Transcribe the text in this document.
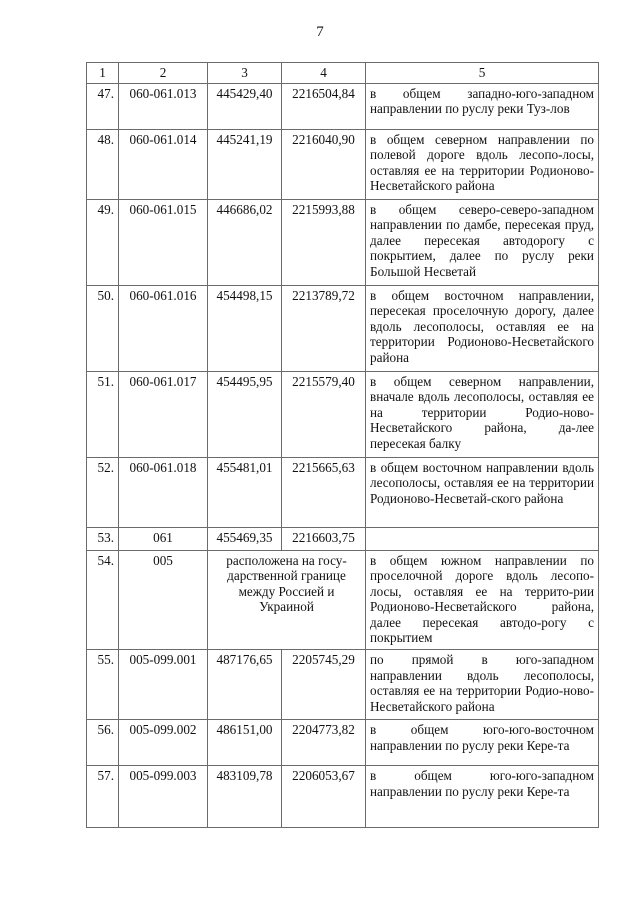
7
1	2	3	4	5
47.	060-061.013	445429,40	2216504,84	в общем западно-юго-западном направлении по руслу реки Туз-лов
48.	060-061.014	445241,19	2216040,90	в общем северном направлении по полевой дороге вдоль лесопо-лосы, оставляя ее на территории Родионово-Несветайского района
49.	060-061.015	446686,02	2215993,88	в общем северо-северо-западном направлении по дамбе, пересекая пруд, далее пересекая автодорогу с покрытием, далее по руслу реки Большой Несветай
50.	060-061.016	454498,15	2213789,72	в общем восточном направлении, пересекая проселочную дорогу, далее вдоль лесополосы, оставляя ее на территории Родионово-Несветайского района
51.	060-061.017	454495,95	2215579,40	в общем северном направлении, вначале вдоль лесополосы, оставляя ее на территории Родио-ново-Несветайского района, да-лее пересекая балку
52.	060-061.018	455481,01	2215665,63	в общем восточном направлении вдоль лесополосы, оставляя ее на территории Родионово-Несветай-ского района
53.	061	455469,35	2216603,75	
54.	005	расположена на госу-дарственной границе между Россией и Украиной		в общем южном направлении по проселочной дороге вдоль лесопо-лосы, оставляя ее на террито-рии Родионово-Несветайского района, далее пересекая автодо-рогу с покрытием
55.	005-099.001	487176,65	2205745,29	по прямой в юго-западном направлении вдоль лесополосы, оставляя ее на территории Родио-ново-Несветайского района
56.	005-099.002	486151,00	2204773,82	в общем юго-юго-восточном направлении по руслу реки Кере-та
57.	005-099.003	483109,78	2206053,67	в общем юго-юго-западном направлении по руслу реки Кере-та
